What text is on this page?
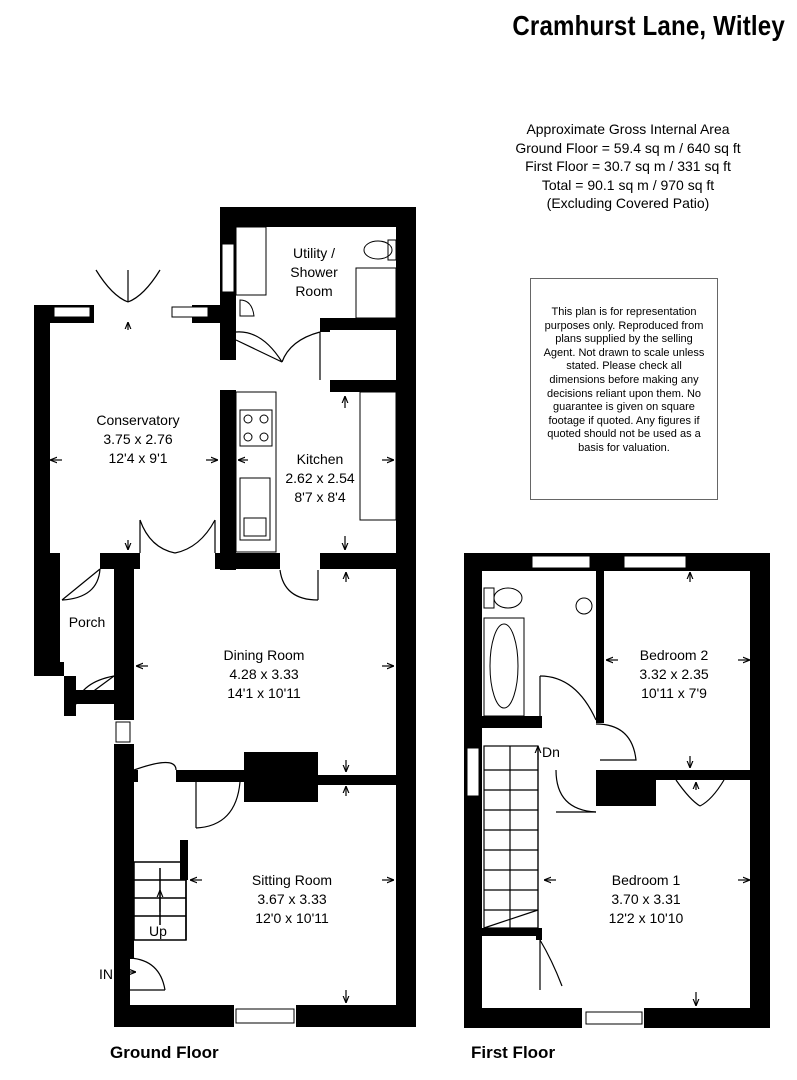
Cramhurst Lane, Witley
Approximate Gross Internal Area
Ground Floor = 59.4 sq m / 640 sq ft
First Floor = 30.7 sq m / 331 sq ft
Total = 90.1 sq m / 970 sq ft
(Excluding Covered Patio)
This plan is for representation purposes only. Reproduced from plans supplied by the selling Agent. Not drawn to scale unless stated. Please check all dimensions before making any decisions reliant upon them. No guarantee is given on square footage if quoted. Any figures if quoted should not be used as a basis for valuation.
Utility /
Shower
Room
Conservatory
3.75 x 2.76
12'4 x 9'1	Kitchen
2.62 x 2.54
8'7 x 8'4
Porch
Dining Room
4.28 x 3.33
14'1 x 10'11
Sitting Room
3.67 x 3.33
12'0 x 10'11
Up
IN
Dn
Bedroom 2
3.32 x 2.35
10'11 x 7'9
Bedroom 1
3.70 x 3.31
12'2 x 10'10
Ground Floor	First Floor
